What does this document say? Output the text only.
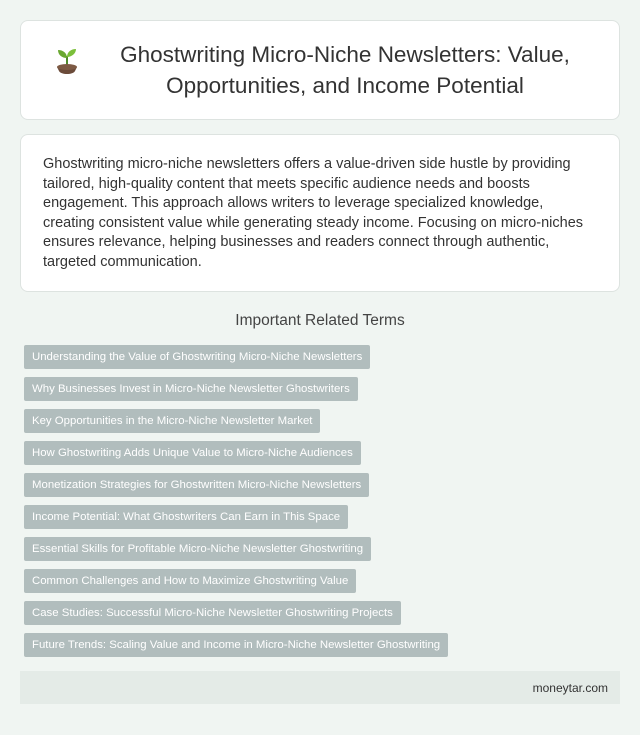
Ghostwriting Micro-Niche Newsletters: Value, Opportunities, and Income Potential

Ghostwriting micro-niche newsletters offers a value-driven side hustle by providing tailored, high-quality content that meets specific audience needs and boosts engagement. This approach allows writers to leverage specialized knowledge, creating consistent value while generating steady income. Focusing on micro-niches ensures relevance, helping businesses and readers connect through authentic, targeted communication.

Important Related Terms
Understanding the Value of Ghostwriting Micro-Niche Newsletters
Why Businesses Invest in Micro-Niche Newsletter Ghostwriters
Key Opportunities in the Micro-Niche Newsletter Market
How Ghostwriting Adds Unique Value to Micro-Niche Audiences
Monetization Strategies for Ghostwritten Micro-Niche Newsletters
Income Potential: What Ghostwriters Can Earn in This Space
Essential Skills for Profitable Micro-Niche Newsletter Ghostwriting
Common Challenges and How to Maximize Ghostwriting Value
Case Studies: Successful Micro-Niche Newsletter Ghostwriting Projects
Future Trends: Scaling Value and Income in Micro-Niche Newsletter Ghostwriting
moneytar.com
